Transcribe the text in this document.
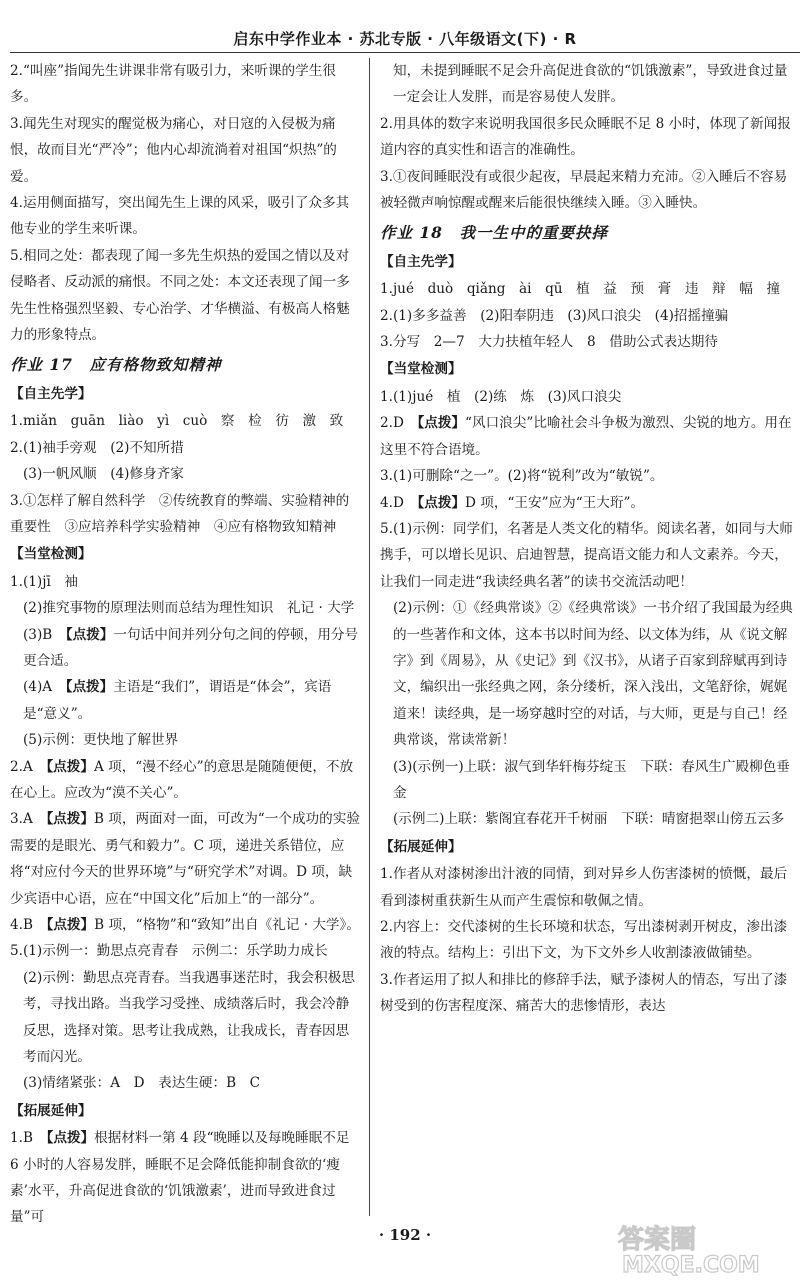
启东中学作业本 · 苏北专版 · 八年级语文(下) · R
2.“叫座”指闻先生讲课非常有吸引力，来听课的学生很多。
3.闻先生对现实的醒觉极为痛心，对日寇的入侵极为痛恨，故而目光“严冷”；他内心却流淌着对祖国“炽热”的爱。
4.运用侧面描写，突出闻先生上课的风采，吸引了众多其他专业的学生来听课。
5.相同之处：都表现了闻一多先生炽热的爱国之情以及对侵略者、反动派的痛恨。不同之处：本文还表现了闻一多先生性格强烈坚毅、专心治学、才华横溢、有极高人格魅力的形象特点。
作业 17　应有格物致知精神
【自主先学】
1.miǎn　guān　liào　yì　cuò　察　检　彷　激　致
2.(1)袖手旁观　(2)不知所措
(3)一帆风顺　(4)修身齐家
3.①怎样了解自然科学　②传统教育的弊端、实验精神的重要性　③应培养科学实验精神　④应有格物致知精神
【当堂检测】
1.(1)jī　袖
(2)推究事物的原理法则而总结为理性知识　礼记 · 大学
(3)B　【点拨】一句话中间并列分句之间的停顿，用分号更合适。
(4)A　【点拨】主语是“我们”，谓语是“体会”，宾语是“意义”。
(5)示例：更快地了解世界
2.A　【点拨】A 项，“漫不经心”的意思是随随便便，不放在心上。应改为“漠不关心”。
3.A　【点拨】B 项，两面对一面，可改为“一个成功的实验需要的是眼光、勇气和毅力”。C 项，递进关系错位，应将“对应付今天的世界环境”与“研究学术”对调。D 项，缺少宾语中心语，应在“中国文化”后加上“的一部分”。
4.B　【点拨】B 项，“格物”和“致知”出自《礼记 · 大学》。
5.(1)示例一：勤思点亮青春　示例二：乐学助力成长
(2)示例：勤思点亮青春。当我遇事迷茫时，我会积极思考，寻找出路。当我学习受挫、成绩落后时，我会冷静反思，选择对策。思考让我成熟，让我成长，青春因思考而闪光。
(3)情绪紧张：A　D　表达生硬：B　C
【拓展延伸】
1.B　【点拨】根据材料一第 4 段“晚睡以及每晚睡眠不足 6 小时的人容易发胖，睡眠不足会降低能抑制食欲的‘瘦素’水平，升高促进食欲的‘饥饿激素’，进而导致进食过量”可
知，未提到睡眠不足会升高促进食欲的“饥饿激素”，导致进食过量一定会让人发胖，而是容易使人发胖。
2.用具体的数字来说明我国很多民众睡眠不足 8 小时，体现了新闻报道内容的真实性和语言的准确性。
3.①夜间睡眠没有或很少起夜，早晨起来精力充沛。②入睡后不容易被轻微声响惊醒或醒来后能很快继续入睡。③入睡快。
作业 18　我一生中的重要抉择
【自主先学】
1.jué　duò　qiǎng　ài　qū　植　益　预　膏　违　辩　幅　撞
2.(1)多多益善　(2)阳奉阴违　(3)风口浪尖　(4)招摇撞骗
3.分写　2—7　大力扶植年轻人　8　借助公式表达期待
【当堂检测】
1.(1)jué　植　(2)练　炼　(3)风口浪尖
2.D　【点拨】“风口浪尖”比喻社会斗争极为激烈、尖锐的地方。用在这里不符合语境。
3.(1)可删除“之一”。(2)将“锐利”改为“敏锐”。
4.D　【点拨】D 项，“王安”应为“王大珩”。
5.(1)示例：同学们，名著是人类文化的精华。阅读名著，如同与大师携手，可以增长见识、启迪智慧，提高语文能力和人文素养。今天，让我们一同走进“我读经典名著”的读书交流活动吧！
(2)示例：①《经典常谈》②《经典常谈》一书介绍了我国最为经典的一些著作和文体，这本书以时间为经、以文体为纬，从《说文解字》到《周易》，从《史记》到《汉书》，从诸子百家到辞赋再到诗文，编织出一张经典之网，条分缕析，深入浅出，文笔舒徐，娓娓道来！读经典，是一场穿越时空的对话，与大师，更是与自己！经典常谈，常读常新！
(3)(示例一)上联：淑气到华轩梅芬绽玉　下联：春风生广殿柳色垂金
(示例二)上联：紫阁宜春花开千树丽　下联：晴窗挹翠山傍五云多
【拓展延伸】
1.作者从对漆树渗出汁液的同情，到对异乡人伤害漆树的愤慨，最后看到漆树重获新生从而产生震惊和敬佩之情。
2.内容上：交代漆树的生长环境和状态，写出漆树剥开树皮，渗出漆液的特点。结构上：引出下文，为下文外乡人收割漆液做铺垫。
3.作者运用了拟人和排比的修辞手法，赋予漆树人的情态，写出了漆树受到的伤害程度深、痛苦大的悲惨情形，表达
· 192 ·	答案圈
MXQE.COM
